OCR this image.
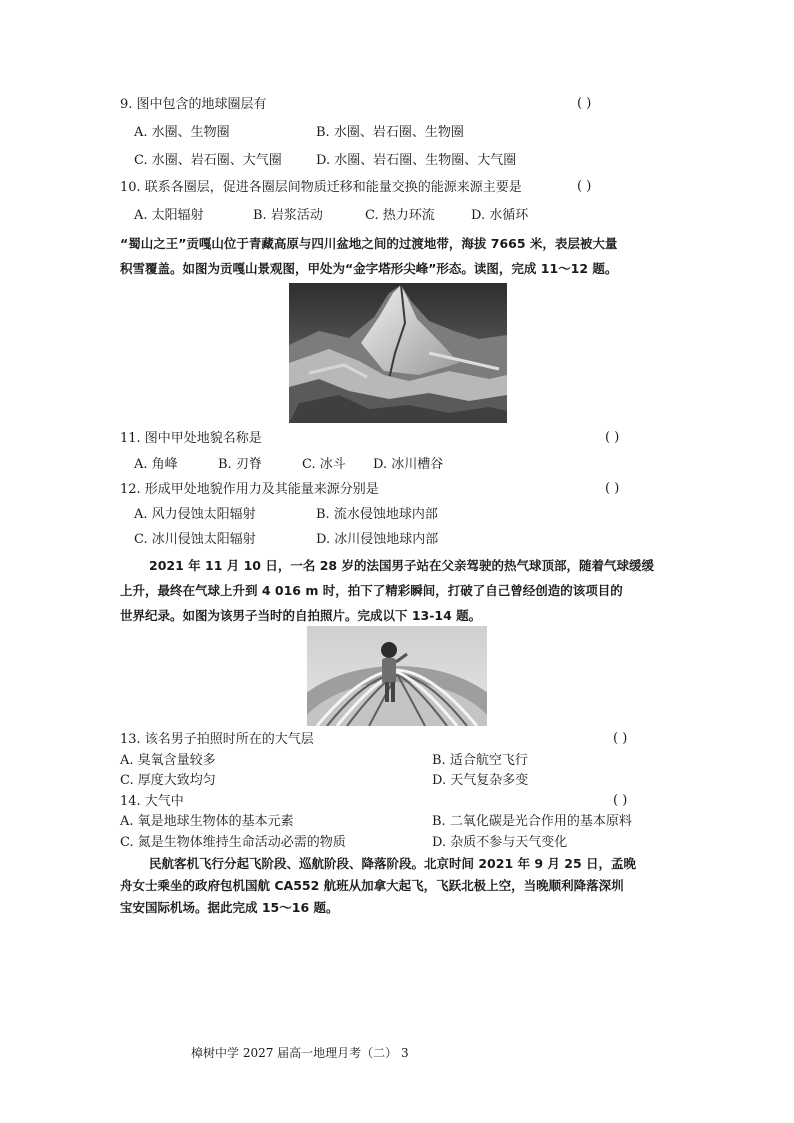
9. 图中包含的地球圈层有	( )
A. 水圈、生物圈	B. 水圈、岩石圈、生物圈
C. 水圈、岩石圈、大气圈	D. 水圈、岩石圈、生物圈、大气圈
10. 联系各圈层，促进各圈层间物质迁移和能量交换的能源来源主要是	( )
A. 太阳辐射	B. 岩浆活动	C. 热力环流	D. 水循环
“蜀山之王”贡嘎山位于青藏高原与四川盆地之间的过渡地带，海拔 7665 米，表层被大量
积雪覆盖。如图为贡嘎山景观图，甲处为“金字塔形尖峰”形态。读图，完成 11～12 题。
11. 图中甲处地貌名称是	( )
A. 角峰	B. 刃脊	C. 冰斗 D. 冰川槽谷
12. 形成甲处地貌作用力及其能量来源分别是	( )
A. 风力侵蚀太阳辐射	B. 流水侵蚀地球内部
C. 冰川侵蚀太阳辐射	D. 冰川侵蚀地球内部
2021 年 11 月 10 日，一名 28 岁的法国男子站在父亲驾驶的热气球顶部，随着气球缓缓
上升，最终在气球上升到 4 016 m 时，拍下了精彩瞬间，打破了自己曾经创造的该项目的
世界纪录。如图为该男子当时的自拍照片。完成以下 13-14 题。
13. 该名男子拍照时所在的大气层	( )
A. 臭氧含量较多	B. 适合航空飞行
C. 厚度大致均匀	D. 天气复杂多变
14. 大气中	( )
A. 氧是地球生物体的基本元素	B. 二氧化碳是光合作用的基本原料
C. 氮是生物体维持生命活动必需的物质	D. 杂质不参与天气变化
民航客机飞行分起飞阶段、巡航阶段、降落阶段。北京时间 2021 年 9 月 25 日，孟晚
舟女士乘坐的政府包机国航 CA552 航班从加拿大起飞，飞跃北极上空，当晚顺利降落深圳
宝安国际机场。据此完成 15～16 题。
樟树中学 2027 届高一地理月考（二） 3
